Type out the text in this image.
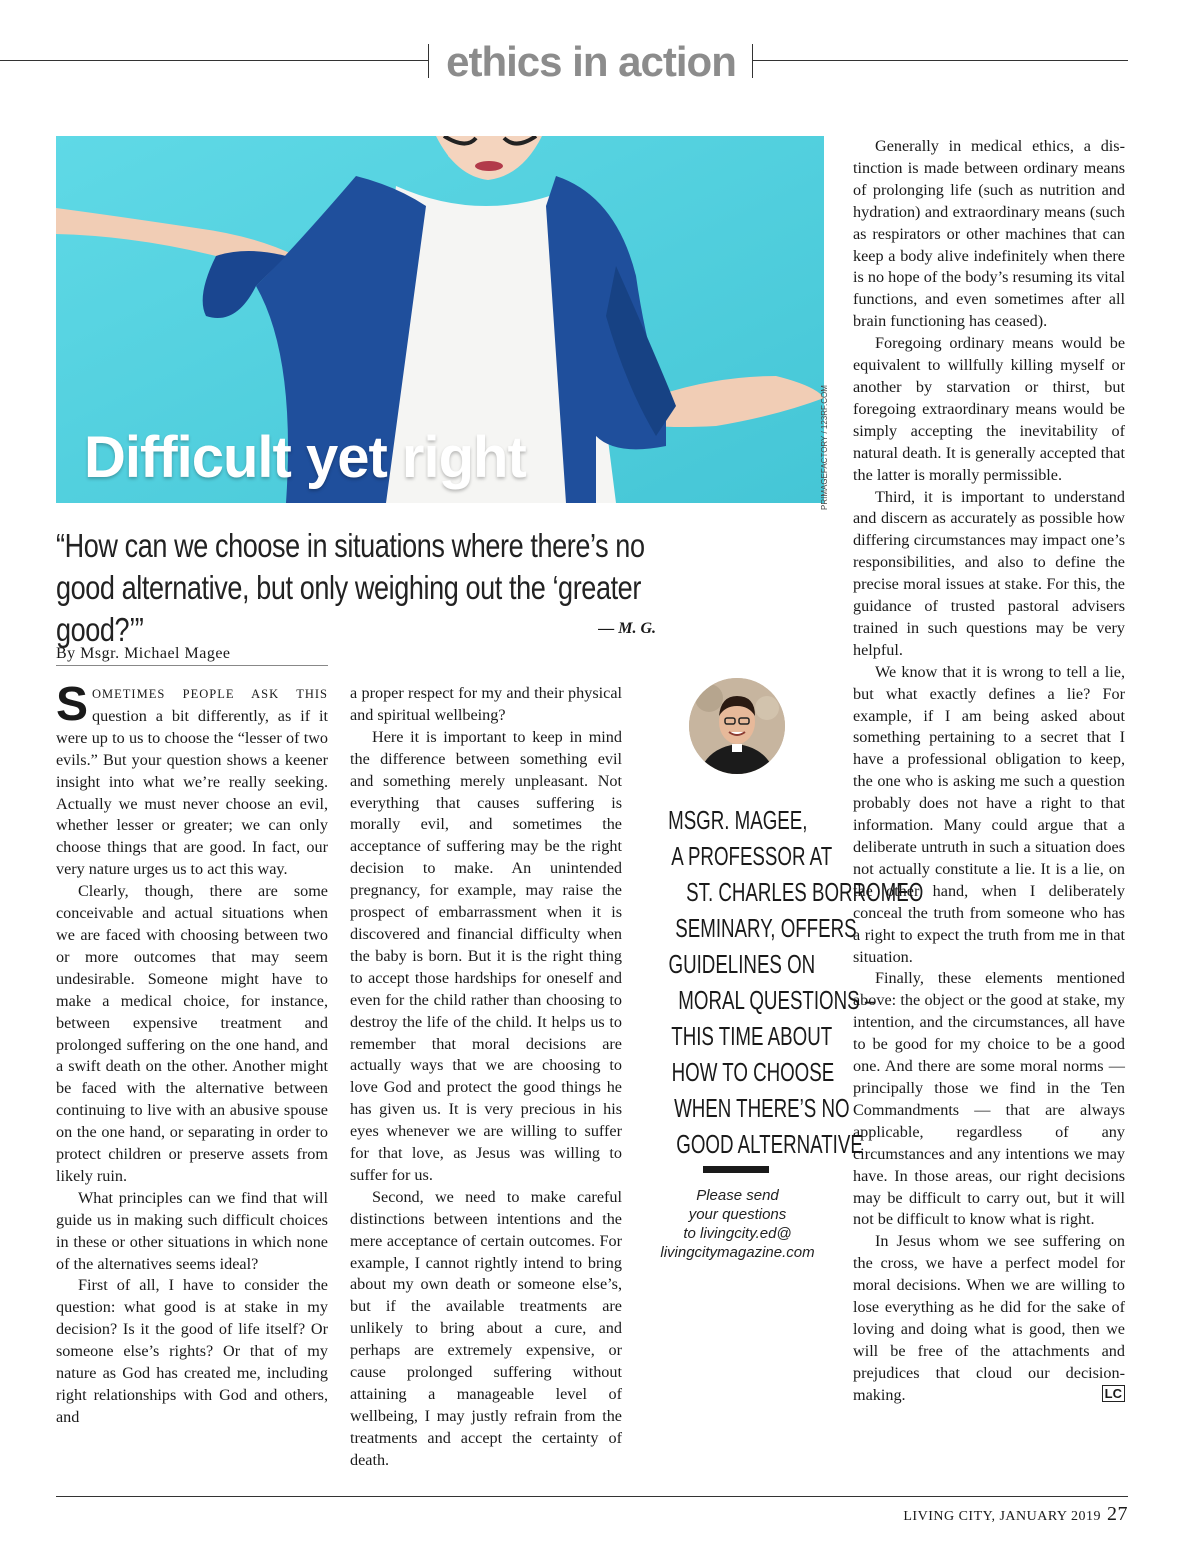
ethics in action
Difficult yet right	PRIMAGEFACTORY / 123RF.COM
“How can we choose in situations where there’s no good alternative, but only weighing out the ‘greater good?’”	— M. G.
By Msgr. Michael Magee

SOMETIMES PEOPLE ASK THIS question a bit differently, as if it were up to us to choose the “lesser of two evils.” But your question shows a keener insight into what we’re really seeking. Actually we must never choose an evil, whether lesser or greater; we can only choose things that are good. In fact, our very nature urges us to act this way.

Clearly, though, there are some conceivable and actual situations when we are faced with choosing between two or more outcomes that may seem undesirable. Someone might have to make a medical choice, for instance, between expensive treatment and prolonged suffering on the one hand, and a swift death on the other. Another might be faced with the alternative between continuing to live with an abusive spouse on the one hand, or separating in order to protect children or preserve assets from likely ruin.

What principles can we find that will guide us in making such difficult choices in these or other situations in which none of the alternatives seems ideal?

First of all, I have to consider the question: what good is at stake in my decision? Is it the good of life itself? Or someone else’s rights? Or that of my nature as God has created me, including right relationships with God and others, and

a proper respect for my and their physical and spiritual wellbeing?

Here it is important to keep in mind the difference between something evil and something merely unpleasant. Not everything that causes suffering is morally evil, and sometimes the acceptance of suffering may be the right decision to make. An unintended pregnancy, for example, may raise the prospect of embarrassment when it is discovered and financial difficulty when the baby is born. But it is the right thing to accept those hardships for oneself and even for the child rather than choosing to destroy the life of the child. It helps us to remember that moral decisions are actually ways that we are choosing to love God and protect the good things he has given us. It is very precious in his eyes whenever we are willing to suffer for that love, as Jesus was willing to suffer for us.

Second, we need to make careful distinctions between intentions and the mere acceptance of certain outcomes. For example, I cannot rightly intend to bring about my own death or someone else’s, but if the available treatments are unlikely to bring about a cure, and perhaps are extremely expensive, or cause prolonged suffering without attaining a manageable level of wellbeing, I may justly refrain from the treatments and accept the certainty of death.

MSGR. MAGEE,
A PROFESSOR AT
ST. CHARLES BORROMEO
SEMINARY, OFFERS
GUIDELINES ON
MORAL QUESTIONS –
THIS TIME ABOUT
HOW TO CHOOSE
WHEN THERE’S NO
GOOD ALTERNATIVE
Please send
your questions
to livingcity.ed@
livingcitymagazine.com

Generally in medical ethics, a distinction is made between ordinary means of prolonging life (such as nutrition and hydration) and extraordinary means (such as respirators or other machines that can keep a body alive indefinitely when there is no hope of the body’s resuming its vital functions, and even sometimes after all brain functioning has ceased).

Foregoing ordinary means would be equivalent to willfully killing myself or another by starvation or thirst, but foregoing extraordinary means would be simply accepting the inevitability of natural death. It is generally accepted that the latter is morally permissible.

Third, it is important to understand and discern as accurately as possible how differing circumstances may impact one’s responsibilities, and also to define the precise moral issues at stake. For this, the guidance of trusted pastoral advisers trained in such questions may be very helpful.

We know that it is wrong to tell a lie, but what exactly defines a lie? For example, if I am being asked about something pertaining to a secret that I have a professional obligation to keep, the one who is asking me such a question probably does not have a right to that information. Many could argue that a deliberate untruth in such a situation does not actually constitute a lie. It is a lie, on the other hand, when I deliberately conceal the truth from someone who has a right to expect the truth from me in that situation.

Finally, these elements mentioned above: the object or the good at stake, my intention, and the circumstances, all have to be good for my choice to be a good one. And there are some moral norms — principally those we find in the Ten Commandments — that are always applicable, regardless of any circumstances and any intentions we may have. In those areas, our right decisions may be difficult to carry out, but it will not be difficult to know what is right.

In Jesus whom we see suffering on the cross, we have a perfect model for moral decisions. When we are willing to lose everything as he did for the sake of loving and doing what is good, then we will be free of the attachments and prejudices that cloud our decision-making.	LC

LIVING CITY, JANUARY 2019 27
